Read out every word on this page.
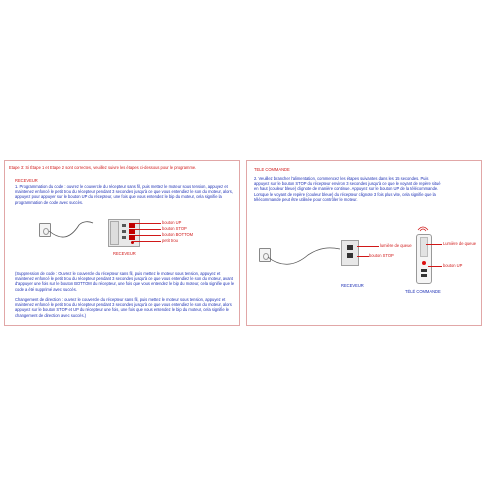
Etape 3: Si Étape 1 et Etape 2 sont correctes, veuillez suivre les étapes ci-dessous pour le programme.
RECEVEUR
1. Programmation du code : ouvrez le couvercle du récepteur sans fil, puis mettez le moteur sous tension, appuyez et maintenez enfoncé le petit trou du récepteur pendant 3 secondes jusqu'à ce que vous entendiez le son du moteur, alors, appuyez pour appuyer sur le bouton UP du récepteur, une fois que vous entendez le bip du moteur, cela signifie la programmation de code avec succès.
bouton UP
bouton STOP
bouton BOTTOM
petit trou
RECEVEUR
(Suppression de code : Ouvrez le couvercle du récepteur sans fil, puis mettez le moteur sous tension, appuyez et maintenez enfoncé le petit trou du récepteur pendant 3 secondes jusqu'à ce que vous entendiez le son du moteur, avant d'appuyer une fois sur le bouton BOTTOM du récepteur, une fois que vous entendez le bip du moteur, cela signifie que le code a été supprimé avec succès.
Changement de direction : ouvrez le couvercle du récepteur sans fil, puis mettez le moteur sous tension, appuyez et maintenez enfoncé le petit trou du récepteur pendant 3 secondes jusqu'à ce que vous entendiez le son du moteur, alors appuyez sur le bouton STOP et UP du récepteur une fois, une fois que vous entendez le bip du moteur, cela signifie le changement de direction avec succès.)
TELE COMMANDE
2. Veuillez brancher l'alimentation, commencez les étapes suivantes dans les 15 secondes. Puis appuyez sur le bouton STOP du récepteur environ 3 secondes jusqu'à ce que le voyant de repère situé en haut (couleur bleue) clignote de manière continue. Appuyez sur le bouton UP de la télécommande. Lorsque le voyant de repère (couleur bleue) du récepteur clignote 3 fois plus vite, cela signifie que la télécommande peut être utilisée pour contrôler le moteur.
lumière de queue
bouton STOP
RECEVEUR
Lumière de queue
bouton UP
TÉLÉ COMMANDE
